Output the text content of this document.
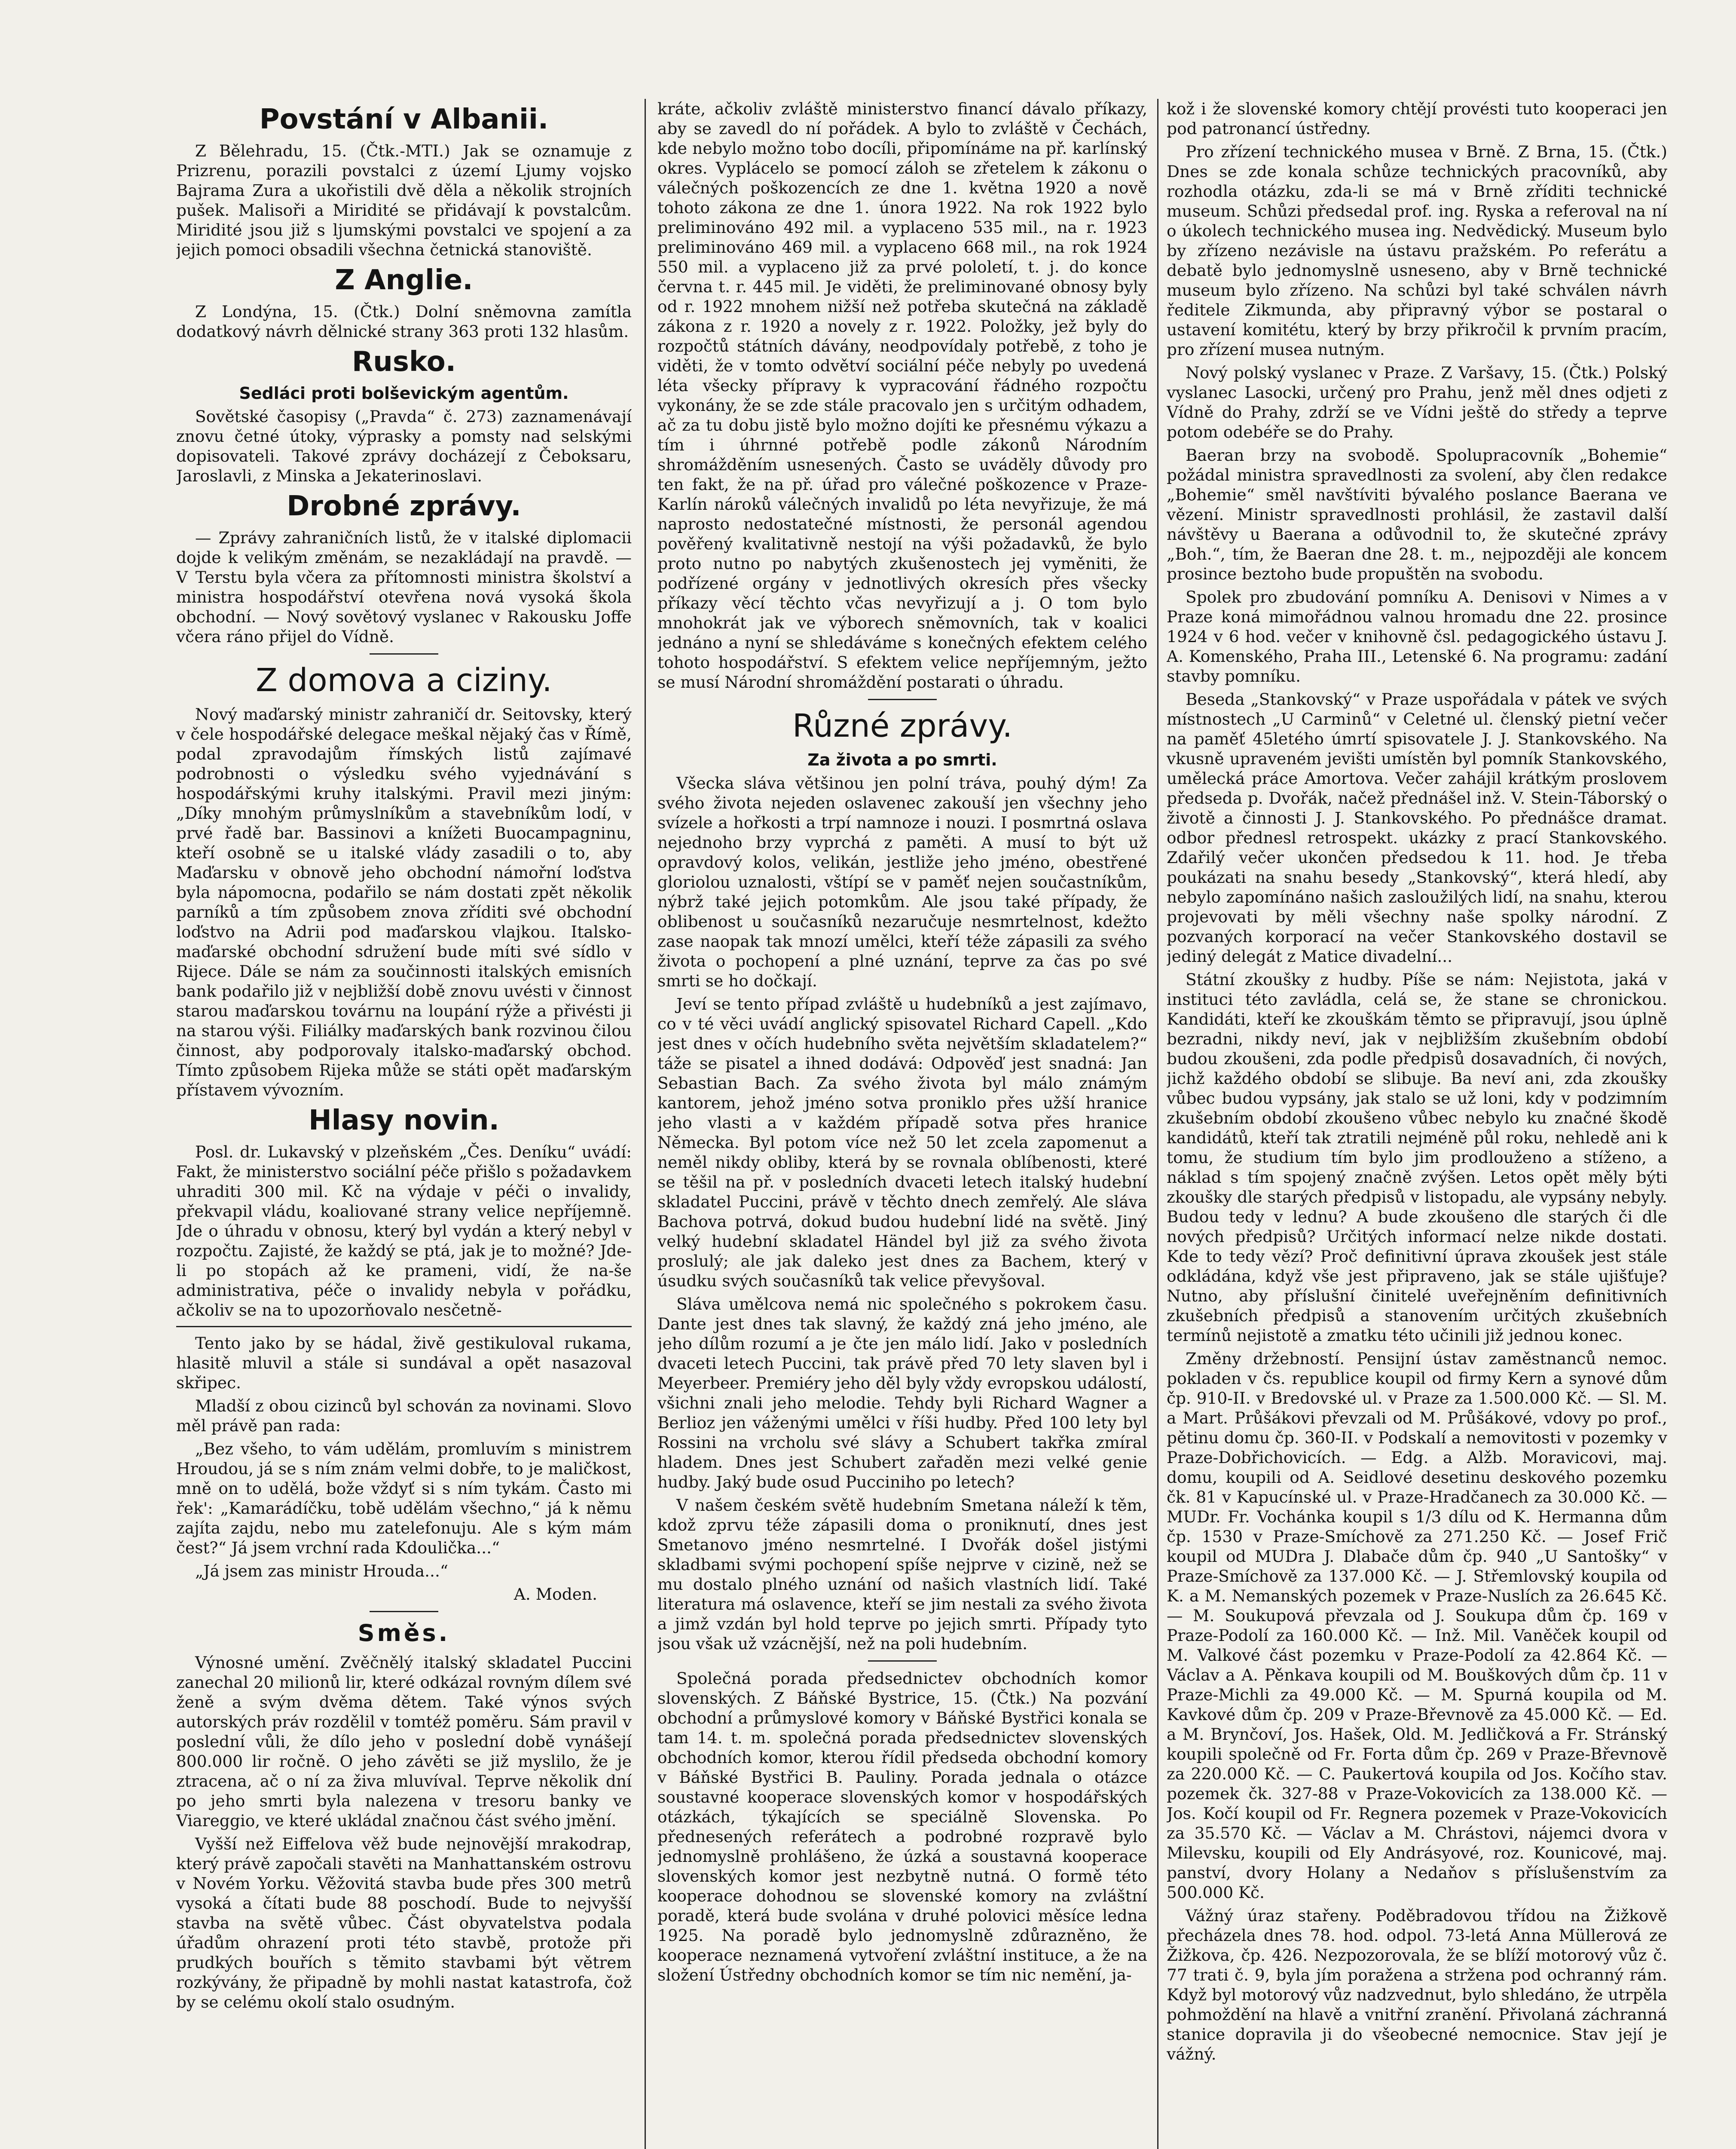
Povstání v Albanii.

Z Bělehradu, 15. (Čtk.-MTI.) Jak se oznamuje z Prizrenu, porazili povstalci z území Ljumy vojsko Bajrama Zura a ukořistili dvě děla a několik strojních pušek. Malisoři a Miridité se přidávají k povstalcům. Miridité jsou již s ljumskými povstalci ve spojení a za jejich pomoci obsadili všechna četnická stanoviště.

Z Anglie.

Z Londýna, 15. (Čtk.) Dolní sněmovna zamítla dodatkový návrh dělnické strany 363 proti 132 hlasům.

Rusko.
Sedláci proti bolševickým agentům.

Sovětské časopisy („Pravda“ č. 273) zaznamenávají znovu četné útoky, výprasky a pomsty nad selskými dopisovateli. Takové zprávy docházejí z Čeboksaru, Jaroslavli, z Minska a Jekaterinoslavi.

Drobné zprávy.

— Zprávy zahraničních listů, že v italské diplomacii dojde k velikým změnám, se nezakládají na pravdě. — V Terstu byla včera za přítomnosti ministra školství a ministra hospodářství otevřena nová vysoká škola obchodní. — Nový sovětový vyslanec v Rakousku Joffe včera ráno přijel do Vídně.

Z domova a ciziny.

Nový maďarský ministr zahraničí dr. Seitovsky, který v čele hospodářské delegace meškal nějaký čas v Římě, podal zpravodajům římských listů zajímavé podrobnosti o výsledku svého vyjednávání s hospodářskými kruhy italskými. Pravil mezi jiným: „Díky mnohým průmyslníkům a stavebníkům lodí, v prvé řadě bar. Bassinovi a knížeti Buocampagninu, kteří osobně se u italské vlády zasadili o to, aby Maďarsku v obnově jeho obchodní námořní loďstva byla nápomocna, podařilo se nám dostati zpět několik parníků a tím způsobem znova zříditi své obchodní loďstvo na Adrii pod maďarskou vlajkou. Italsko-maďarské obchodní sdružení bude míti své sídlo v Rijece. Dále se nám za součinnosti italských emisních bank podařilo již v nejbližší době znovu uvésti v činnost starou maďarskou továrnu na loupání rýže a přivésti ji na starou výši. Filiálky maďarských bank rozvinou čilou činnost, aby podporovaly italsko-maďarský obchod. Tímto způsobem Rijeka může se státi opět maďarským přístavem vývozním.

Hlasy novin.

Posl. dr. Lukavský v plzeňském „Čes. Deníku“ uvádí: Fakt, že ministerstvo sociální péče přišlo s požadavkem uhraditi 300 mil. Kč na výdaje v péči o invalidy, překvapil vládu, koaliované strany velice nepříjemně. Jde o úhradu v obnosu, který byl vydán a který nebyl v rozpočtu. Zajisté, že každý se ptá, jak je to možné? Jde-li po stopách až ke prameni, vidí, že na-še administrativa, péče o invalidy nebyla v pořádku, ačkoliv se na to upozorňovalo nesčetně-

Tento jako by se hádal, živě gestikuloval rukama, hlasitě mluvil a stále si sundával a opět nasazoval skřipec.

Mladší z obou cizinců byl schován za novinami. Slovo měl právě pan rada:

„Bez všeho, to vám udělám, promluvím s ministrem Hroudou, já se s ním znám velmi dobře, to je maličkost, mně on to udělá, bože vždyť si s ním tykám. Často mi řek': „Kamarádíčku, tobě udělám všechno,“ já k němu zajíta zajdu, nebo mu zatelefonuju. Ale s kým mám čest?“ Já jsem vrchní rada Kdoulička...“

„Já jsem zas ministr Hrouda...“

A. Moden.

Směs.

Výnosné umění. Zvěčnělý italský skladatel Puccini zanechal 20 milionů lir, které odkázal rovným dílem své ženě a svým dvěma dětem. Také výnos svých autorských práv rozdělil v tomtéž poměru. Sám pravil v poslední vůli, že dílo jeho v poslední době vynášejí 800.000 lir ročně. O jeho závěti se již myslilo, že je ztracena, ač o ní za živa mluvíval. Teprve několik dní po jeho smrti byla nalezena v tresoru banky ve Viareggio, ve které ukládal značnou část svého jmění.

Vyšší než Eiffelova věž bude nejnovější mrakodrap, který právě započali stavěti na Manhattanském ostrovu v Novém Yorku. Věžovitá stavba bude přes 300 metrů vysoká a čítati bude 88 poschodí. Bude to nejvyšší stavba na světě vůbec. Část obyvatelstva podala úřadům ohrazení proti této stavbě, protože při prudkých bouřích s těmito stavbami být větrem rozkývány, že připadně by mohli nastat katastrofa, čož by se celému okolí stalo osudným.

kráte, ačkoliv zvláště ministerstvo financí dávalo příkazy, aby se zavedl do ní pořádek. A bylo to zvláště v Čechách, kde nebylo možno tobo docíli, připomínáme na př. karlínský okres. Vyplácelo se pomocí záloh se zřetelem k zákonu o válečných poškozencích ze dne 1. května 1920 a nově tohoto zákona ze dne 1. února 1922. Na rok 1922 bylo preliminováno 492 mil. a vyplaceno 535 mil., na r. 1923 preliminováno 469 mil. a vyplaceno 668 mil., na rok 1924 550 mil. a vyplaceno již za prvé pololetí, t. j. do konce června t. r. 445 mil. Je viděti, že preliminované obnosy byly od r. 1922 mnohem nižší než potřeba skutečná na základě zákona z r. 1920 a novely z r. 1922. Položky, jež byly do rozpočtů státních dávány, neodpovídaly potřebě, z toho je viděti, že v tomto odvětví sociální péče nebyly po uvedená léta všecky přípravy k vypracování řádného rozpočtu vykonány, že se zde stále pracovalo jen s určitým odhadem, ač za tu dobu jistě bylo možno dojíti ke přesnému výkazu a tím i úhrnné potřebě podle zákonů Národním shromážděním usnesených. Často se uváděly důvody pro ten fakt, že na př. úřad pro válečné poškozence v Praze-Karlín nároků válečných invalidů po léta nevyřizuje, že má naprosto nedostatečné místnosti, že personál agendou pověřený kvalitativně nestojí na výši požadavků, že bylo proto nutno po nabytých zkušenostech jej vyměniti, že podřízené orgány v jednotlivých okresích přes všecky příkazy věcí těchto včas nevyřizují a j. O tom bylo mnohokrát jak ve výborech sněmovních, tak v koalici jednáno a nyní se shledáváme s konečných efektem celého tohoto hospodářství. S efektem velice nepříjemným, ježto se musí Národní shromáždění postarati o úhradu.

Různé zprávy.
Za života a po smrti.

Všecka sláva většinou jen polní tráva, pouhý dým! Za svého života nejeden oslavenec zakouší jen všechny jeho svízele a hořkosti a trpí namnoze i nouzi. I posmrtná oslava nejednoho brzy vyprchá z paměti. A musí to být už opravdový kolos, velikán, jestliže jeho jméno, obestřené gloriolou uznalosti, vštípí se v paměť nejen součastníkům, nýbrž také jejich potomkům. Ale jsou také případy, že oblibenost u současníků nezaručuje nesmrtelnost, kdežto zase naopak tak mnozí umělci, kteří téže zápasili za svého života o pochopení a plné uznání, teprve za čas po své smrti se ho dočkají.

Jeví se tento případ zvláště u hudebníků a jest zajímavo, co v té věci uvádí anglický spisovatel Richard Capell. „Kdo jest dnes v očích hudebního světa největším skladatelem?“ táže se pisatel a ihned dodává: Odpověď jest snadná: Jan Sebastian Bach. Za svého života byl málo známým kantorem, jehož jméno sotva proniklo přes užší hranice jeho vlasti a v každém případě sotva přes hranice Německa. Byl potom více než 50 let zcela zapomenut a neměl nikdy obliby, která by se rovnala oblíbenosti, které se těšil na př. v posledních dvaceti letech italský hudební skladatel Puccini, právě v těchto dnech zemřelý. Ale sláva Bachova potrvá, dokud budou hudební lidé na světě. Jiný velký hudební skladatel Händel byl již za svého života proslulý; ale jak daleko jest dnes za Bachem, který v úsudku svých současníků tak velice převyšoval.

Sláva umělcova nemá nic společného s pokrokem času. Dante jest dnes tak slavný, že každý zná jeho jméno, ale jeho dílům rozumí a je čte jen málo lidí. Jako v posledních dvaceti letech Puccini, tak právě před 70 lety slaven byl i Meyerbeer. Premiéry jeho děl byly vždy evropskou událostí, všichni znali jeho melodie. Tehdy byli Richard Wagner a Berlioz jen váženými umělci v říši hudby. Před 100 lety byl Rossini na vrcholu své slávy a Schubert takřka zmíral hladem. Dnes jest Schubert zařaděn mezi velké genie hudby. Jaký bude osud Pucciniho po letech?

V našem českém světě hudebním Smetana náleží k těm, kdož zprvu téže zápasili doma o proniknutí, dnes jest Smetanovo jméno nesmrtelné. I Dvořák došel jistými skladbami svými pochopení spíše nejprve v cizině, než se mu dostalo plného uznání od našich vlastních lidí. Také literatura má oslavence, kteří se jim nestali za svého života a jimž vzdán byl hold teprve po jejich smrti. Případy tyto jsou však už vzácnější, než na poli hudebním.

Společná porada předsednictev obchodních komor slovenských. Z Báňské Bystrice, 15. (Čtk.) Na pozvání obchodní a průmyslové komory v Báňské Bystřici konala se tam 14. t. m. společná porada předsednictev slovenských obchodních komor, kterou řídil předseda obchodní komory v Báňské Bystřici B. Pauliny. Porada jednala o otázce soustavné kooperace slovenských komor v hospodářských otázkách, týkajících se speciálně Slovenska. Po přednesených referátech a podrobné rozpravě bylo jednomyslně prohlášeno, že úzká a soustavná kooperace slovenských komor jest nezbytně nutná. O formě této kooperace dohodnou se slovenské komory na zvláštní poradě, která bude svolána v druhé polovici měsíce ledna 1925. Na poradě bylo jednomyslně zdůrazněno, že kooperace neznamená vytvoření zvláštní instituce, a že na složení Ústředny obchodních komor se tím nic nemění, ja-

kož i že slovenské komory chtějí provésti tuto kooperaci jen pod patronancí ústředny.

Pro zřízení technického musea v Brně. Z Brna, 15. (Čtk.) Dnes se zde konala schůze technických pracovníků, aby rozhodla otázku, zda-li se má v Brně zříditi technické museum. Schůzi předsedal prof. ing. Ryska a referoval na ní o úkolech technického musea ing. Nedvědický. Museum bylo by zřízeno nezávisle na ústavu pražském. Po referátu a debatě bylo jednomyslně usneseno, aby v Brně technické museum bylo zřízeno. Na schůzi byl také schválen návrh ředitele Zikmunda, aby připravný výbor se postaral o ustavení komitétu, který by brzy přikročil k prvním pracím, pro zřízení musea nutným.

Nový polský vyslanec v Praze. Z Varšavy, 15. (Čtk.) Polský vyslanec Lasocki, určený pro Prahu, jenž měl dnes odjeti z Vídně do Prahy, zdrží se ve Vídni ještě do středy a teprve potom odebéře se do Prahy.

Baeran brzy na svobodě. Spolupracovník „Bohemie“ požádal ministra spravedlnosti za svolení, aby člen redakce „Bohemie“ směl navštíviti bývalého poslance Baerana ve vězení. Ministr spravedlnosti prohlásil, že zastavil další návštěvy u Baerana a odůvodnil to, že skutečné zprávy „Boh.“, tím, že Baeran dne 28. t. m., nejpozději ale koncem prosince beztoho bude propuštěn na svobodu.

Spolek pro zbudování pomníku A. Denisovi v Nimes a v Praze koná mimořádnou valnou hromadu dne 22. prosince 1924 v 6 hod. večer v knihovně čsl. pedagogického ústavu J. A. Komenského, Praha III., Letenské 6. Na programu: zadání stavby pomníku.

Beseda „Stankovský“ v Praze uspořádala v pátek ve svých místnostech „U Carminů“ v Celetné ul. členský pietní večer na paměť 45letého úmrtí spisovatele J. J. Stankovského. Na vkusně upraveném jevišti umístěn byl pomník Stankovského, umělecká práce Amortova. Večer zahájil krátkým proslovem předseda p. Dvořák, načež přednášel inž. V. Stein-Táborský o životě a činnosti J. J. Stankovského. Po přednášce dramat. odbor přednesl retrospekt. ukázky z prací Stankovského. Zdařilý večer ukončen předsedou k 11. hod. Je třeba poukázati na snahu besedy „Stankovský“, která hledí, aby nebylo zapomínáno našich zasloužilých lidí, na snahu, kterou projevovati by měli všechny naše spolky národní. Z pozvaných korporací na večer Stankovského dostavil se jediný delegát z Matice divadelní...

Státní zkoušky z hudby. Píše se nám: Nejistota, jaká v instituci této zavládla, celá se, že stane se chronickou. Kandidáti, kteří ke zkouškám těmto se připravují, jsou úplně bezradni, nikdy neví, jak v nejbližším zkušebním období budou zkoušeni, zda podle předpisů dosavadních, či nových, jichž každého období se slibuje. Ba neví ani, zda zkoušky vůbec budou vypsány, jak stalo se už loni, kdy v podzimním zkušebním období zkoušeno vůbec nebylo ku značné škodě kandidátů, kteří tak ztratili nejméně půl roku, nehledě ani k tomu, že studium tím bylo jim prodlouženo a stíženo, a náklad s tím spojený značně zvýšen. Letos opět měly býti zkoušky dle starých předpisů v listopadu, ale vypsány nebyly. Budou tedy v lednu? A bude zkoušeno dle starých či dle nových předpisů? Určitých informací nelze nikde dostati. Kde to tedy vězí? Proč definitivní úprava zkoušek jest stále odkládána, když vše jest připraveno, jak se stále ujišťuje? Nutno, aby příslušní činitelé uveřejněním definitivních zkušebních předpisů a stanovením určitých zkušebních termínů nejistotě a zmatku této učinili již jednou konec.

Změny držebností. Pensijní ústav zaměstnanců nemoc. pokladen v čs. republice koupil od firmy Kern a synové dům čp. 910-II. v Bredovské ul. v Praze za 1.500.000 Kč. — Sl. M. a Mart. Průšákovi převzali od M. Průšákové, vdovy po prof., pětinu domu čp. 360-II. v Podskalí a nemovitosti v pozemky v Praze-Dobřichovicích. — Edg. a Alžb. Moravicovi, maj. domu, koupili od A. Seidlové desetinu deskového pozemku čk. 81 v Kapucínské ul. v Praze-Hradčanech za 30.000 Kč. — MUDr. Fr. Vochánka koupil s 1/3 dílu od K. Hermanna dům čp. 1530 v Praze-Smíchově za 271.250 Kč. — Josef Frič koupil od MUDra J. Dlabače dům čp. 940 „U Santošky“ v Praze-Smíchově za 137.000 Kč. — J. Střemlovský koupila od K. a M. Nemanských pozemek v Praze-Nuslích za 26.645 Kč. — M. Soukupová převzala od J. Soukupa dům čp. 169 v Praze-Podolí za 160.000 Kč. — Inž. Mil. Vaněček koupil od M. Valkové část pozemku v Praze-Podolí za 42.864 Kč. — Václav a A. Pěnkava koupili od M. Bouškových dům čp. 11 v Praze-Michli za 49.000 Kč. — M. Spurná koupila od M. Kavkové dům čp. 209 v Praze-Břevnově za 45.000 Kč. — Ed. a M. Brynčoví, Jos. Hašek, Old. M. Jedličková a Fr. Stránský koupili společně od Fr. Forta dům čp. 269 v Praze-Břevnově za 220.000 Kč. — C. Paukertová koupila od Jos. Kočího stav. pozemek čk. 327-88 v Praze-Vokovicích za 138.000 Kč. — Jos. Kočí koupil od Fr. Regnera pozemek v Praze-Vokovicích za 35.570 Kč. — Václav a M. Chrástovi, nájemci dvora v Milevsku, koupili od Ely Andrásyové, roz. Kounicové, maj. panství, dvory Holany a Nedaňov s příslušenstvím za 500.000 Kč.

Vážný úraz stařeny. Poděbradovou třídou na Žižkově přecházela dnes 78. hod. odpol. 73-letá Anna Müllerová ze Žižkova, čp. 426. Nezpozorovala, že se blíží motorový vůz č. 77 trati č. 9, byla jím poražena a stržena pod ochranný rám. Když byl motorový vůz nadzvednut, bylo shledáno, že utrpěla pohmoždění na hlavě a vnitřní zranění. Přivolaná záchranná stanice dopravila ji do všeobecné nemocnice. Stav její je vážný.
